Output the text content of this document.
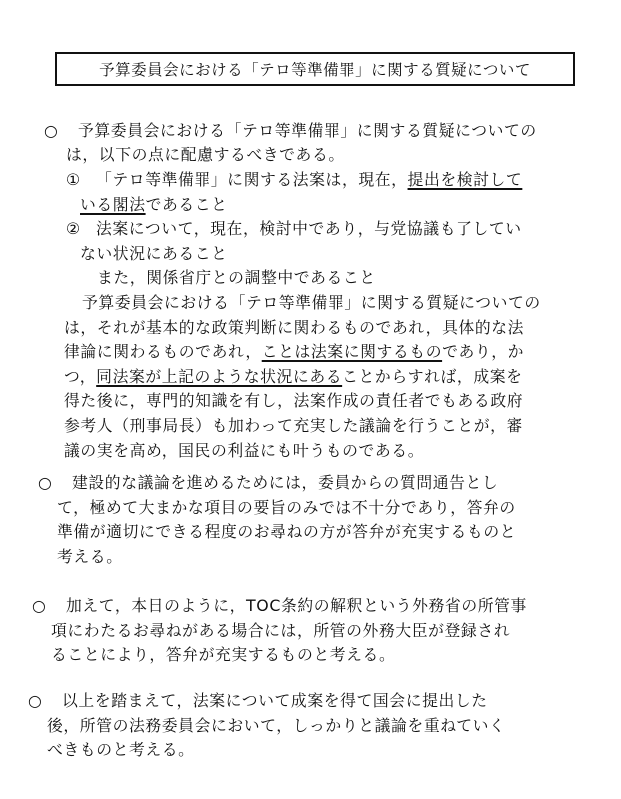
予算委員会における「テロ等準備罪」に関する質疑について
○ 予算委員会における「テロ等準備罪」に関する質疑についての
は，以下の点に配慮するべきである。
① 「テロ等準備罪」に関する法案は，現在，提出を検討して
いる閣法であること
② 法案について，現在，検討中であり，与党協議も了してい
ない状況にあること
また，関係省庁との調整中であること
予算委員会における「テロ等準備罪」に関する質疑についての
は，それが基本的な政策判断に関わるものであれ，具体的な法
律論に関わるものであれ，ことは法案に関するものであり，か
つ，同法案が上記のような状況にあることからすれば，成案を
得た後に，専門的知識を有し，法案作成の責任者でもある政府
参考人（刑事局長）も加わって充実した議論を行うことが，審
議の実を高め，国民の利益にも叶うものである。
○ 建設的な議論を進めるためには，委員からの質問通告とし
て，極めて大まかな項目の要旨のみでは不十分であり，答弁の
準備が適切にできる程度のお尋ねの方が答弁が充実するものと
考える。
○ 加えて，本日のように，TOC条約の解釈という外務省の所管事
項にわたるお尋ねがある場合には，所管の外務大臣が登録され
ることにより，答弁が充実するものと考える。
○ 以上を踏まえて，法案について成案を得て国会に提出した
後，所管の法務委員会において，しっかりと議論を重ねていく
べきものと考える。
